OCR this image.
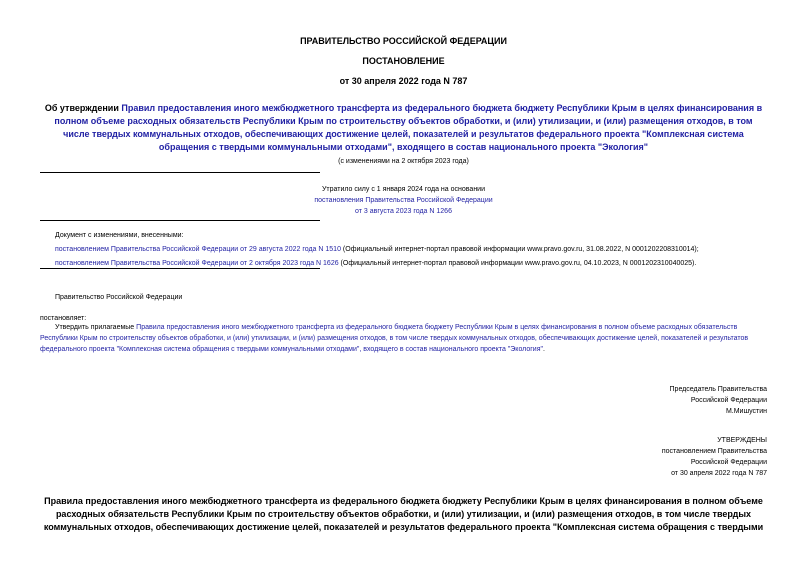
ПРАВИТЕЛЬСТВО РОССИЙСКОЙ ФЕДЕРАЦИИ
ПОСТАНОВЛЕНИЕ
от 30 апреля 2022 года N 787
Об утверждении Правил предоставления иного межбюджетного трансферта из федерального бюджета бюджету Республики Крым в целях финансирования в полном объеме расходных обязательств Республики Крым по строительству объектов обработки, и (или) утилизации, и (или) размещения отходов, в том числе твердых коммунальных отходов, обеспечивающих достижение целей, показателей и результатов федерального проекта "Комплексная система обращения с твердыми коммунальными отходами", входящего в состав национального проекта "Экология"
(с изменениями на 2 октября 2023 года)
Утратило силу с 1 января 2024 года на основании
постановления Правительства Российской Федерации
от 3 августа 2023 года N 1266
Документ с изменениями, внесенными:
постановлением Правительства Российской Федерации от 29 августа 2022 года N 1510 (Официальный интернет-портал правовой информации www.pravo.gov.ru, 31.08.2022, N 0001202208310014);
постановлением Правительства Российской Федерации от 2 октября 2023 года N 1626 (Официальный интернет-портал правовой информации www.pravo.gov.ru, 04.10.2023, N 0001202310040025).
Правительство Российской Федерации
постановляет:
Утвердить прилагаемые Правила предоставления иного межбюджетного трансферта из федерального бюджета бюджету Республики Крым в целях финансирования в полном объеме расходных обязательств Республики Крым по строительству объектов обработки, и (или) утилизации, и (или) размещения отходов, в том числе твердых коммунальных отходов, обеспечивающих достижение целей, показателей и результатов федерального проекта "Комплексная система обращения с твердыми коммунальными отходами", входящего в состав национального проекта "Экология".
Председатель Правительства
Российской Федерации
М.Мишустин
УТВЕРЖДЕНЫ
постановлением Правительства
Российской Федерации
от 30 апреля 2022 года N 787
Правила предоставления иного межбюджетного трансферта из федерального бюджета бюджету Республики Крым в целях финансирования в полном объеме расходных обязательств Республики Крым по строительству объектов обработки, и (или) утилизации, и (или) размещения отходов, в том числе твердых коммунальных отходов, обеспечивающих достижение целей, показателей и результатов федерального проекта "Комплексная система обращения с твердыми
